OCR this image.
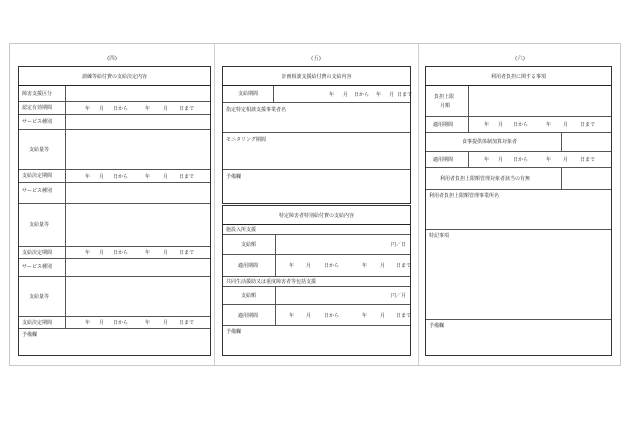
(四)	(五)	(六)
訓練等給付費の支給決定内容
障害支援区分
認定有効期間	年	月	日から	年	月	日まで
サービス種別
支給量等
支給決定期間	年	月	日から	年	月	日まで
サービス種別
支給量等
支給決定期間	年	月	日から	年	月	日まで
サービス種別
支給量等
支給決定期間	年	月	日から	年	月	日まで
予備欄
計画相談支援給付費の支給内容
支給期間	年	月	日から	年	月 日まで
指定特定相談支援事業者名
モニタリング期間
予備欄
特定障害者特別給付費の支給内容
施設入所支援
支給額	円／日
適用期間	年	月	日から	年	月	日まで
共同生活援助又は重度障害者等包括支援
支給額	円／月
適用期間	年	月	日から	年	月	日まで
予備欄
利用者負担に関する事項
負担上限
月額
適用期間	年	月	日から	年	月	日まで
食事提供体制加算対象者
適用期間	年	月	日から	年	月	日まで
利用者負担上限額管理対象者該当の有無
利用者負担上限額管理事業所名
特記事項
予備欄
